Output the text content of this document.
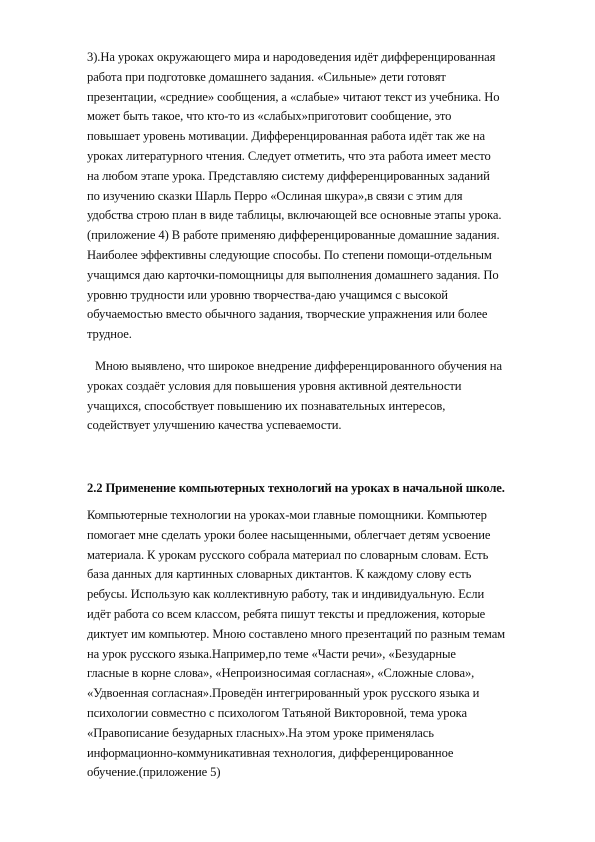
3).На уроках окружающего мира и народоведения идёт дифференцированная
работа при подготовке домашнего задания. «Сильные» дети готовят
презентации, «средние» сообщения, а «слабые» читают текст из учебника. Но
может быть такое, что кто-то из «слабых»приготовит сообщение, это
повышает уровень мотивации. Дифференцированная работа идёт так же на
уроках литературного чтения. Следует отметить, что эта работа имеет место
на любом этапе урока. Представляю систему дифференцированных заданий
по изучению сказки Шарль Перро «Ослиная шкура»,в связи с этим для
удобства строю план в виде таблицы, включающей все основные этапы урока.
(приложение 4) В работе применяю дифференцированные домашние задания.
Наиболее эффективны следующие способы. По степени помощи-отдельным
учащимся даю карточки-помощницы для выполнения домашнего задания. По
уровню трудности или уровню творчества-даю учащимся с высокой
обучаемостью вместо обычного задания, творческие упражнения или более
трудное.
Мною выявлено, что широкое внедрение дифференцированного обучения на
уроках создаёт условия для повышения уровня активной деятельности
учащихся, способствует повышению их познавательных интересов,
содействует улучшению качества успеваемости.
2.2 Применение компьютерных технологий на уроках в начальной школе.
Компьютерные технологии на уроках-мои главные помощники. Компьютер
помогает мне сделать уроки более насыщенными, облегчает детям усвоение
материала. К урокам русского собрала материал по словарным словам. Есть
база данных для картинных словарных диктантов. К каждому слову есть
ребусы. Использую как коллективную работу, так и индивидуальную. Если
идёт работа со всем классом, ребята пишут тексты и предложения, которые
диктует им компьютер. Мною составлено много презентаций по разным темам
на урок русского языка.Например,по теме «Части речи», «Безударные
гласные в корне слова», «Непроизносимая согласная», «Сложные слова»,
«Удвоенная согласная».Проведён интегрированный урок русского языка и
психологии совместно с психологом Татьяной Викторовной, тема урока
«Правописание безударных гласных».На этом уроке применялась
информационно-коммуникативная технология, дифференцированное
обучение.(приложение 5)
